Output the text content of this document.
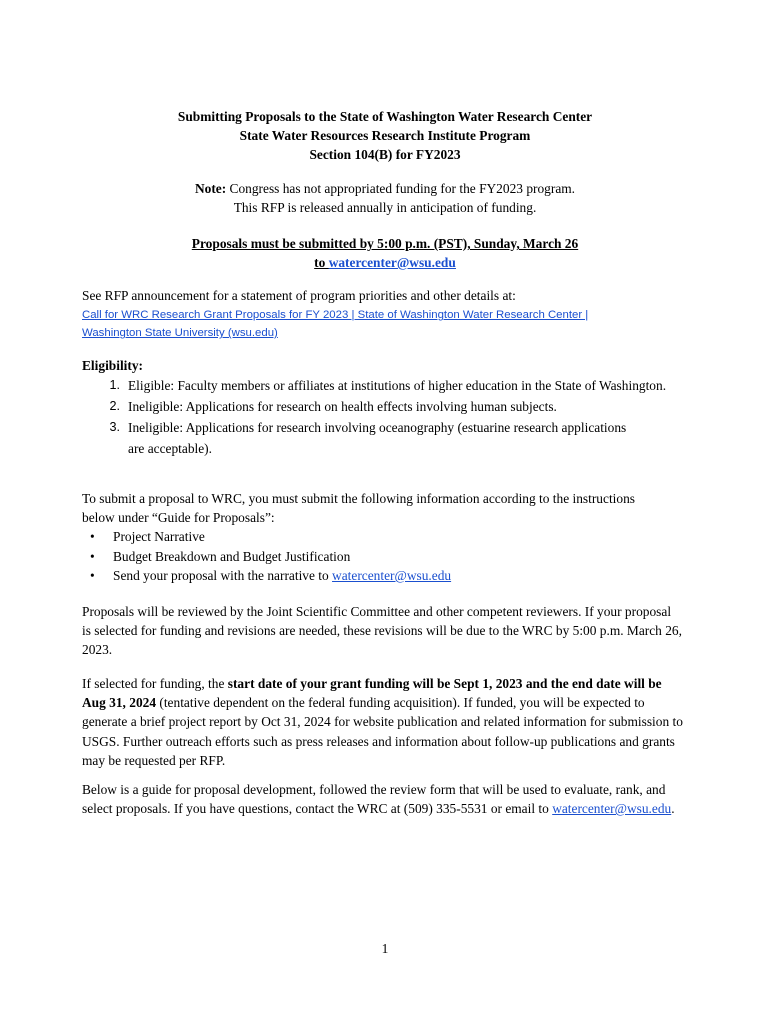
Submitting Proposals to the State of Washington Water Research Center
State Water Resources Research Institute Program
Section 104(B) for FY2023
Note: Congress has not appropriated funding for the FY2023 program.
This RFP is released annually in anticipation of funding.
Proposals must be submitted by 5:00 p.m. (PST), Sunday, March 26
to watercenter@wsu.edu
See RFP announcement for a statement of program priorities and other details at:
Call for WRC Research Grant Proposals for FY 2023 | State of Washington Water Research Center |
Washington State University (wsu.edu)
Eligibility:
1. Eligible: Faculty members or affiliates at institutions of higher education in the State of Washington.
2. Ineligible: Applications for research on health effects involving human subjects.
3. Ineligible: Applications for research involving oceanography (estuarine research applications are acceptable).
To submit a proposal to WRC, you must submit the following information according to the instructions below under “Guide for Proposals”:
• Project Narrative
• Budget Breakdown and Budget Justification
• Send your proposal with the narrative to watercenter@wsu.edu
Proposals will be reviewed by the Joint Scientific Committee and other competent reviewers. If your proposal is selected for funding and revisions are needed, these revisions will be due to the WRC by 5:00 p.m. March 26, 2023.
If selected for funding, the start date of your grant funding will be Sept 1, 2023 and the end date will be Aug 31, 2024 (tentative dependent on the federal funding acquisition). If funded, you will be expected to generate a brief project report by Oct 31, 2024 for website publication and related information for submission to USGS. Further outreach efforts such as press releases and information about follow-up publications and grants may be requested per RFP.
Below is a guide for proposal development, followed the review form that will be used to evaluate, rank, and select proposals. If you have questions, contact the WRC at (509) 335-5531 or email to watercenter@wsu.edu.
1
